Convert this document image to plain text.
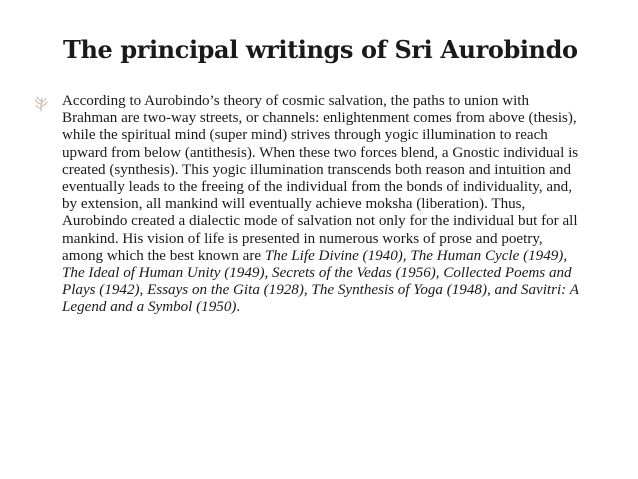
The principal writings of Sri Aurobindo

According to Aurobindo’s theory of cosmic salvation, the paths to union with Brahman are two-way streets, or channels: enlightenment comes from above (thesis), while the spiritual mind (super mind) strives through yogic illumination to reach upward from below (antithesis). When these two forces blend, a Gnostic individual is created (synthesis). This yogic illumination transcends both reason and intuition and eventually leads to the freeing of the individual from the bonds of individuality, and, by extension, all mankind will eventually achieve moksha (liberation). Thus, Aurobindo created a dialectic mode of salvation not only for the individual but for all mankind. His vision of life is presented in numerous works of prose and poetry, among which the best known are The Life Divine (1940), The Human Cycle (1949), The Ideal of Human Unity (1949), Secrets of the Vedas (1956), Collected Poems and Plays (1942), Essays on the Gita (1928), The Synthesis of Yoga (1948), and Savitri: A Legend and a Symbol (1950).
